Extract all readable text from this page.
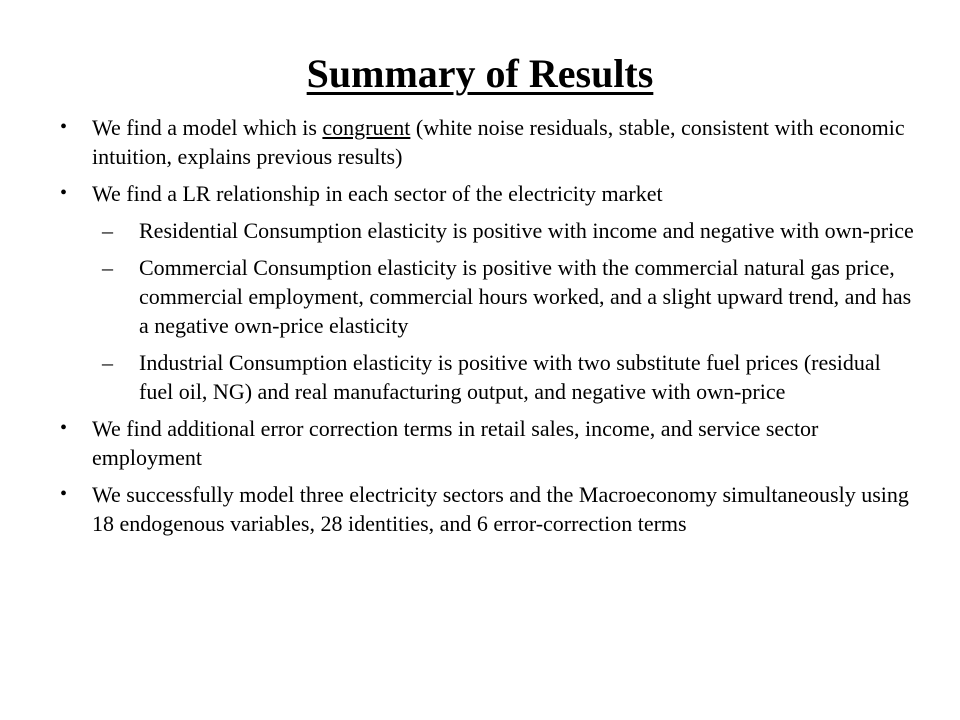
Summary of Results

• We find a model which is congruent (white noise residuals, stable, consistent with economic intuition, explains previous results)

• We find a LR relationship in each sector of the electricity market

– Residential Consumption elasticity is positive with income and negative with own-price

– Commercial Consumption elasticity is positive with the commercial natural gas price, commercial employment, commercial hours worked, and a slight upward trend, and has a negative own-price elasticity

– Industrial Consumption elasticity is positive with two substitute fuel prices (residual fuel oil, NG) and real manufacturing output, and negative with own-price

• We find additional error correction terms in retail sales, income, and service sector employment

• We successfully model three electricity sectors and the Macroeconomy simultaneously using 18 endogenous variables, 28 identities, and 6 error-correction terms
